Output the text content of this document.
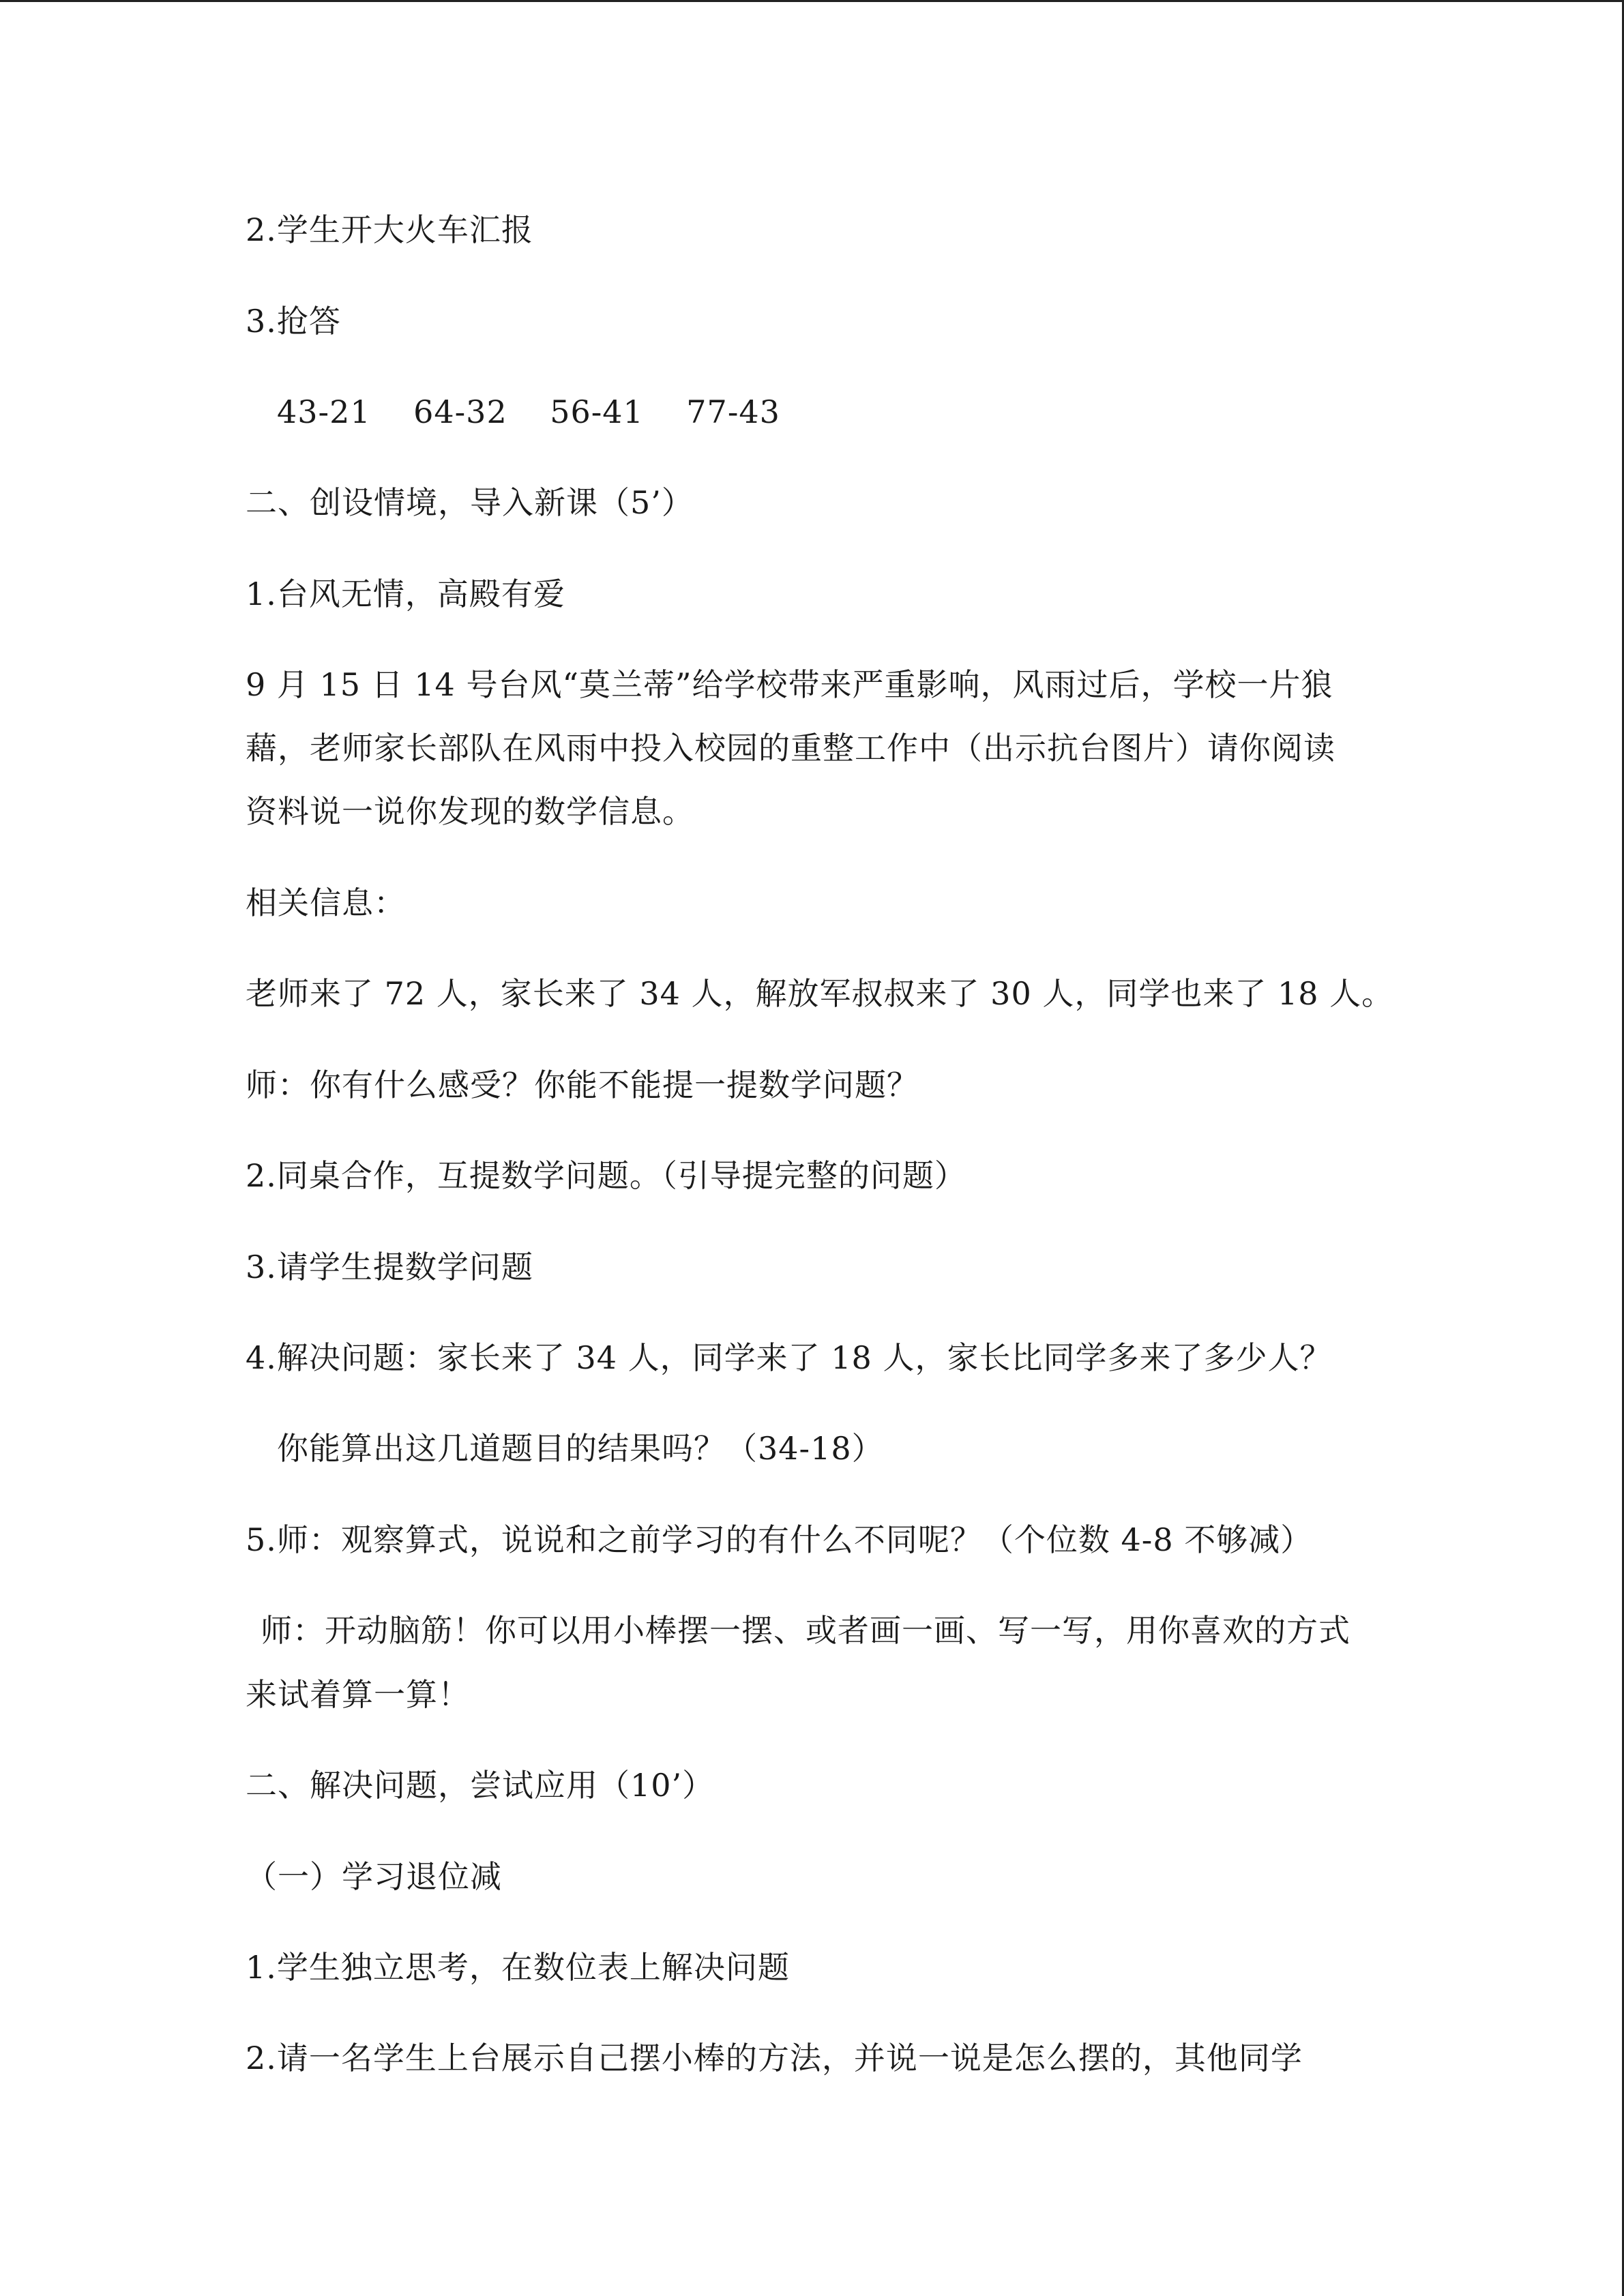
2.学生开大火车汇报
3.抢答
43-21    64-32    56-41    77-43
二、创设情境，导入新课（5’）
1.台风无情，高殿有爱
9 月 15 日 14 号台风“莫兰蒂”给学校带来严重影响，风雨过后，学校一片狼
藉，老师家长部队在风雨中投入校园的重整工作中（出示抗台图片）请你阅读
资料说一说你发现的数学信息。
相关信息：
老师来了 72 人，家长来了 34 人，解放军叔叔来了 30 人，同学也来了 18 人。
师：你有什么感受？你能不能提一提数学问题？
2.同桌合作，互提数学问题。（引导提完整的问题）
3.请学生提数学问题
4.解决问题：家长来了 34 人，同学来了 18 人，家长比同学多来了多少人？
你能算出这几道题目的结果吗？（34-18）
5.师：观察算式，说说和之前学习的有什么不同呢？（个位数 4-8 不够减）
师：开动脑筋！你可以用小棒摆一摆、或者画一画、写一写，用你喜欢的方式
来试着算一算！
二、解决问题，尝试应用（10’）
（一）学习退位减
1.学生独立思考，在数位表上解决问题
2.请一名学生上台展示自己摆小棒的方法，并说一说是怎么摆的，其他同学
